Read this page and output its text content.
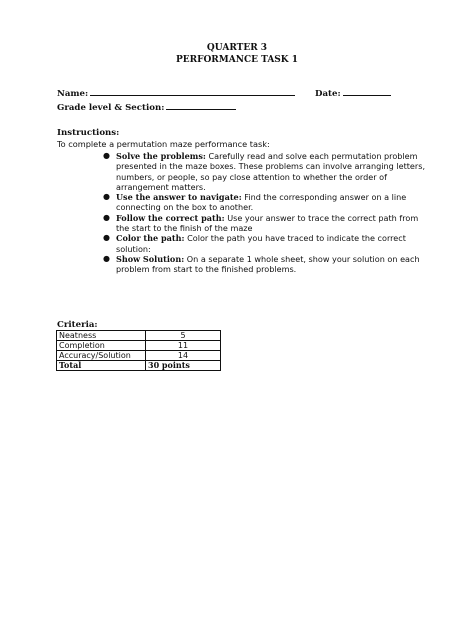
QUARTER 3
PERFORMANCE TASK 1
Name:	Date:
Grade level & Section:
Instructions:
To complete a permutation maze performance task:
● Solve the problems: Carefully read and solve each permutation problem presented in the maze boxes. These problems can involve arranging letters, numbers, or people, so pay close attention to whether the order of arrangement matters.
● Use the answer to navigate: Find the corresponding answer on a line connecting on the box to another.
● Follow the correct path: Use your answer to trace the correct path from the start to the finish of the maze
● Color the path: Color the path you have traced to indicate the correct solution:
● Show Solution: On a separate 1 whole sheet, show your solution on each problem from start to the finished problems.
Criteria:
Neatness	5
Completion	11
Accuracy/Solution	14
Total	30 points
